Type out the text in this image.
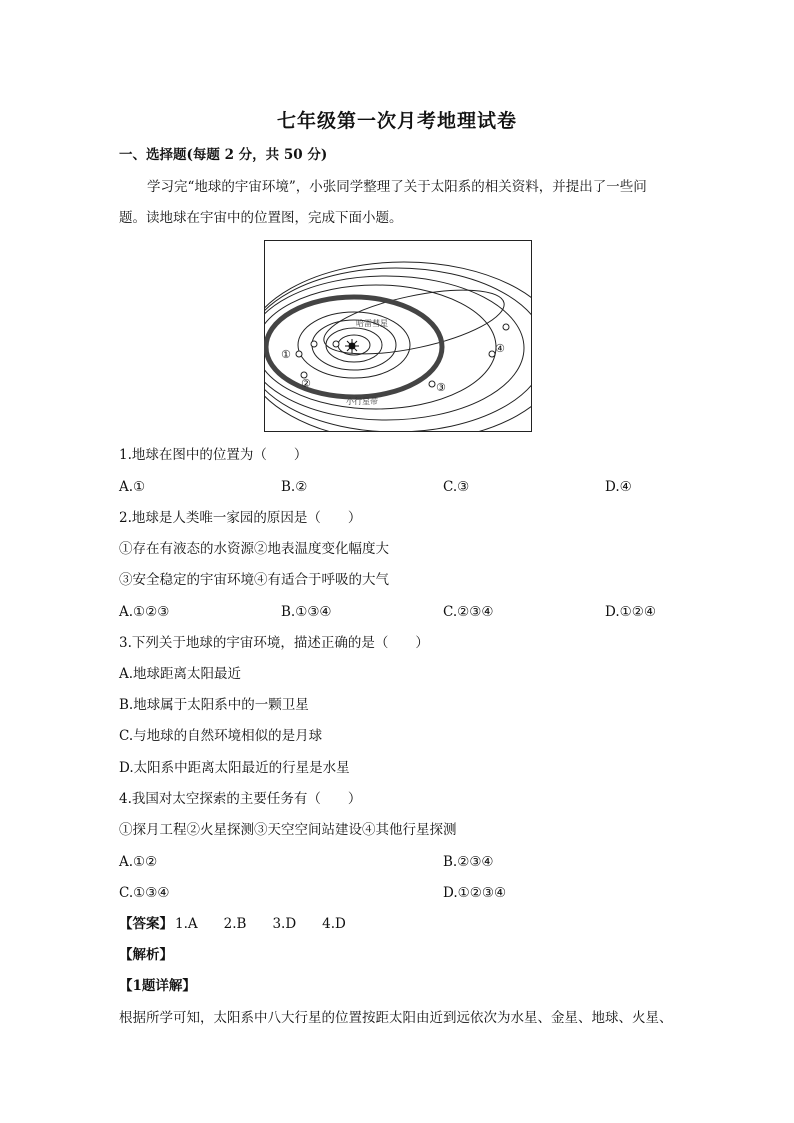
七年级第一次月考地理试卷
一、选择题(每题 2 分，共 50 分)
学习完“地球的宇宙环境”，小张同学整理了关于太阳系的相关资料，并提出了一些问
题。读地球在宇宙中的位置图，完成下面小题。
哈雷彗星
小行星带
①
②	③
④
1.地球在图中的位置为（　　）
A.①	B.②	C.③	D.④
2.地球是人类唯一家园的原因是（　　）
①存在有液态的水资源②地表温度变化幅度大
③安全稳定的宇宙环境④有适合于呼吸的大气
A.①②③	B.①③④	C.②③④	D.①②④
3.下列关于地球的宇宙环境，描述正确的是（　　）
A.地球距离太阳最近
B.地球属于太阳系中的一颗卫星
C.与地球的自然环境相似的是月球
D.太阳系中距离太阳最近的行星是水星
4.我国对太空探索的主要任务有（　　）
①探月工程②火星探测③天空空间站建设④其他行星探测
A.①②	B.②③④
C.①③④	D.①②③④
【答案】 1.A 2.B 3.D 4.D
【解析】
【1题详解】
根据所学可知，太阳系中八大行星的位置按距太阳由近到远依次为水星、金星、地球、火星、
